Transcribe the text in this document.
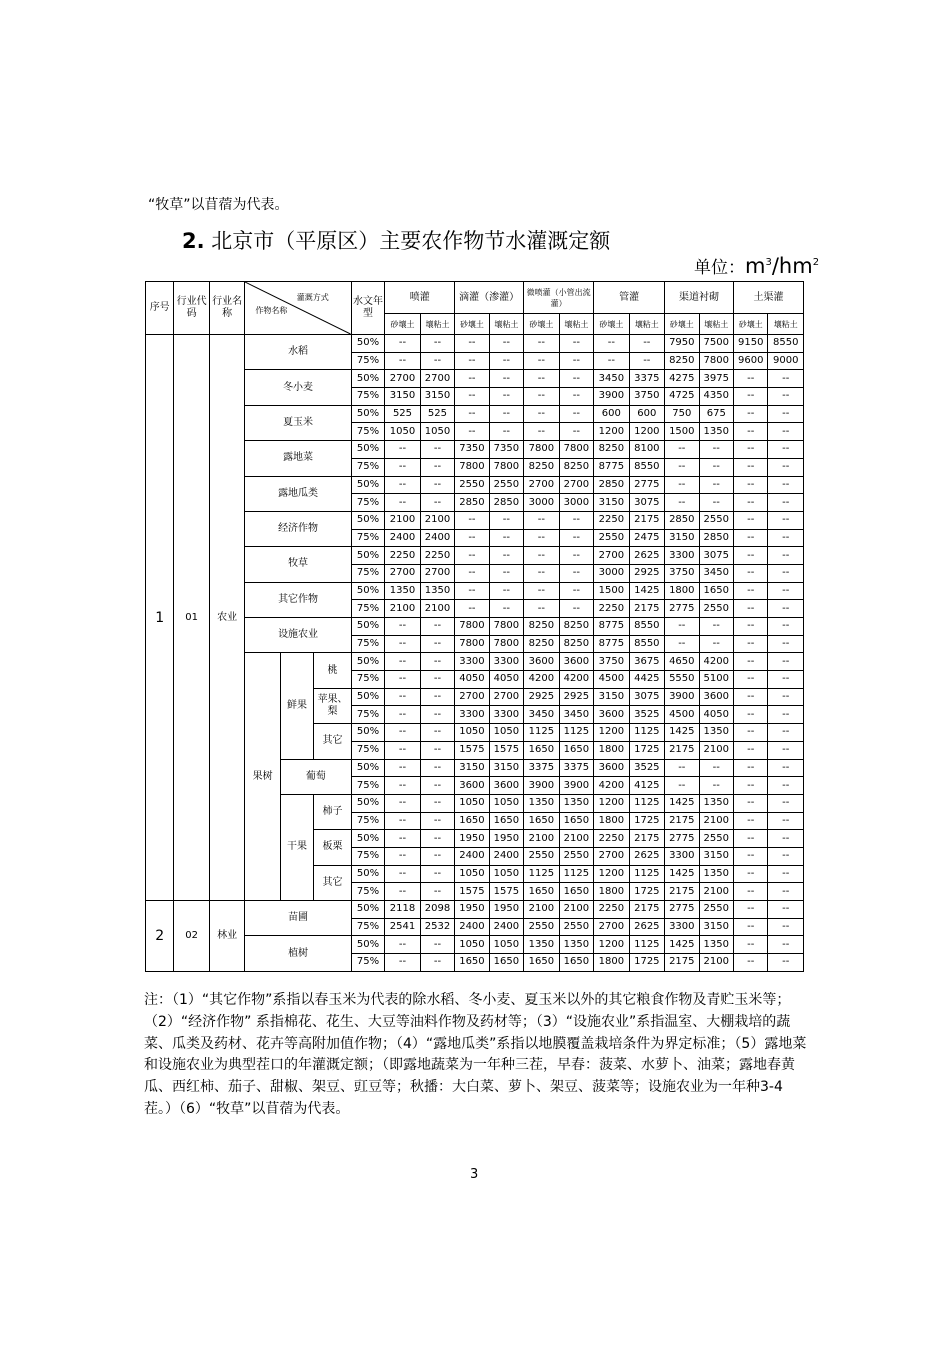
“牧草”以苜蓿为代表。
2. 北京市（平原区）主要农作物节水灌溉定额
单位：$m^3/hm^2$
序号	行业代码	行业名称	灌溉方式
作物名称			水文年型	喷灌		滴灌（渗灌）		微喷灌（小管出流灌）		管灌		渠道衬砌		土渠灌	
							砂壤土	壤粘土	砂壤土	壤粘土	砂壤土	壤粘土	砂壤土	壤粘土	砂壤土	壤粘土	砂壤土	壤粘土
1	01	农业	水稻			50%	--	--	--	--	--	--	--	--	7950	7500	9150	8550
						75%	--	--	--	--	--	--	--	--	8250	7800	9600	9000
			冬小麦			50%	2700	2700	--	--	--	--	3450	3375	4275	3975	--	--
						75%	3150	3150	--	--	--	--	3900	3750	4725	4350	--	--
			夏玉米			50%	525	525	--	--	--	--	600	600	750	675	--	--
						75%	1050	1050	--	--	--	--	1200	1200	1500	1350	--	--
			露地菜			50%	--	--	7350	7350	7800	7800	8250	8100	--	--	--	--
						75%	--	--	7800	7800	8250	8250	8775	8550	--	--	--	--
			露地瓜类			50%	--	--	2550	2550	2700	2700	2850	2775	--	--	--	--
						75%	--	--	2850	2850	3000	3000	3150	3075	--	--	--	--
			经济作物			50%	2100	2100	--	--	--	--	2250	2175	2850	2550	--	--
						75%	2400	2400	--	--	--	--	2550	2475	3150	2850	--	--
			牧草			50%	2250	2250	--	--	--	--	2700	2625	3300	3075	--	--
						75%	2700	2700	--	--	--	--	3000	2925	3750	3450	--	--
			其它作物			50%	1350	1350	--	--	--	--	1500	1425	1800	1650	--	--
						75%	2100	2100	--	--	--	--	2250	2175	2775	2550	--	--
			设施农业			50%	--	--	7800	7800	8250	8250	8775	8550	--	--	--	--
						75%	--	--	7800	7800	8250	8250	8775	8550	--	--	--	--
			果树	鲜果	桃	50%	--	--	3300	3300	3600	3600	3750	3675	4650	4200	--	--
						75%	--	--	4050	4050	4200	4200	4500	4425	5550	5100	--	--
					苹果、梨	50%	--	--	2700	2700	2925	2925	3150	3075	3900	3600	--	--
						75%	--	--	3300	3300	3450	3450	3600	3525	4500	4050	--	--
					其它	50%	--	--	1050	1050	1125	1125	1200	1125	1425	1350	--	--
						75%	--	--	1575	1575	1650	1650	1800	1725	2175	2100	--	--
				葡萄		50%	--	--	3150	3150	3375	3375	3600	3525	--	--	--	--
						75%	--	--	3600	3600	3900	3900	4200	4125	--	--	--	--
				干果	柿子	50%	--	--	1050	1050	1350	1350	1200	1125	1425	1350	--	--
						75%	--	--	1650	1650	1650	1650	1800	1725	2175	2100	--	--
					板栗	50%	--	--	1950	1950	2100	2100	2250	2175	2775	2550	--	--
						75%	--	--	2400	2400	2550	2550	2700	2625	3300	3150	--	--
					其它	50%	--	--	1050	1050	1125	1125	1200	1125	1425	1350	--	--
						75%	--	--	1575	1575	1650	1650	1800	1725	2175	2100	--	--
2	02	林业	苗圃			50%	2118	2098	1950	1950	2100	2100	2250	2175	2775	2550	--	--
						75%	2541	2532	2400	2400	2550	2550	2700	2625	3300	3150	--	--
			植树			50%	--	--	1050	1050	1350	1350	1200	1125	1425	1350	--	--
						75%	--	--	1650	1650	1650	1650	1800	1725	2175	2100	--	--
注：（1）“其它作物”系指以春玉米为代表的除水稻、冬小麦、夏玉米以外的其它粮食作物及青贮玉米等；（2）“经济作物” 系指棉花、花生、大豆等油料作物及药材等；（3）“设施农业”系指温室、大棚栽培的蔬菜、瓜类及药材、花卉等高附加值作物；（4）“露地瓜类”系指以地膜覆盖栽培条件为界定标准；（5）露地菜和设施农业为典型茬口的年灌溉定额；（即露地蔬菜为一年种三茬，早春：菠菜、水萝卜、油菜；露地春黄瓜、西红柿、茄子、甜椒、架豆、豇豆等；秋播：大白菜、萝卜、架豆、菠菜等；设施农业为一年种3-4茬。）（6）“牧草”以苜蓿为代表。
3
